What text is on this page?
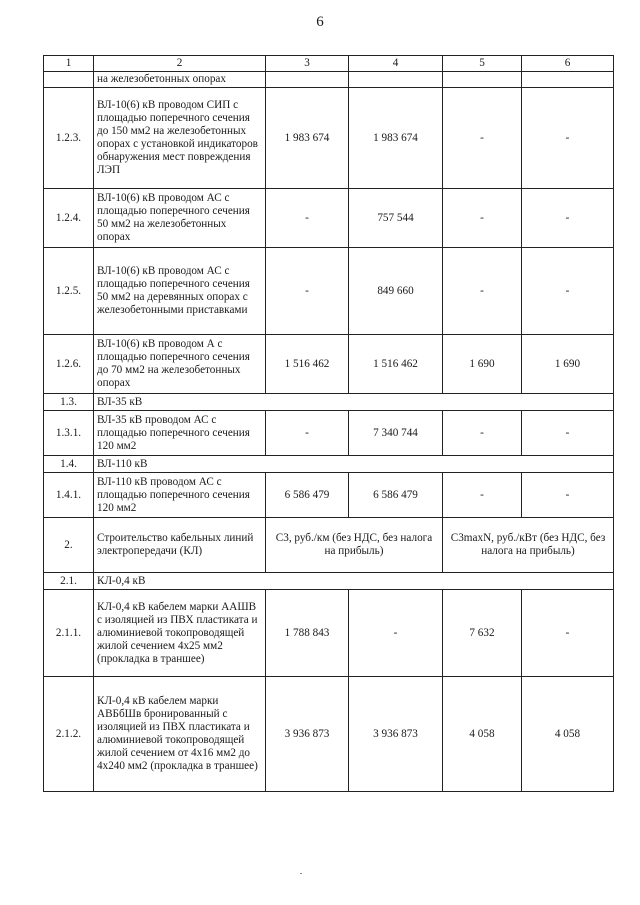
6
1	2	3	4	5	6
	на железобетонных опорах				
1.2.3.	ВЛ-10(6) кВ проводом СИП с площадью поперечного сечения до 150 мм2 на железобетонных опорах с установкой индикаторов обнаружения мест повреждения ЛЭП	1 983 674	1 983 674	-	-
1.2.4.	ВЛ-10(6) кВ проводом АС с площадью поперечного сечения 50 мм2 на железобетонных опорах	-	757 544	-	-
1.2.5.	ВЛ-10(6) кВ проводом АС с площадью поперечного сечения 50 мм2 на деревянных опорах с железобетонными приставками	-	849 660	-	-
1.2.6.	ВЛ-10(6) кВ проводом А с площадью поперечного сечения до 70 мм2 на железобетонных опорах	1 516 462	1 516 462	1 690	1 690
1.3.	ВЛ-35 кВ				
1.3.1.	ВЛ-35 кВ проводом АС с площадью поперечного сечения 120 мм2	-	7 340 744	-	-
1.4.	ВЛ-110 кВ				
1.4.1.	ВЛ-110 кВ проводом АС с площадью поперечного сечения 120 мм2	6 586 479	6 586 479	-	-
2.	Строительство кабельных линий электропередачи (КЛ)	С3, руб./км (без НДС, без налога на прибыль)		С3maxN, руб./кВт (без НДС, без налога на прибыль)	
2.1.	КЛ-0,4 кВ				
2.1.1.	КЛ-0,4 кВ кабелем марки ААШВ с изоляцией из ПВХ пластиката и алюминиевой токопроводящей жилой сечением 4х25 мм2 (прокладка в траншее)	1 788 843	-	7 632	-
2.1.2.	КЛ-0,4 кВ кабелем марки АВБбШв бронированный с изоляцией из ПВХ пластиката и алюминиевой токопроводящей жилой сечением от 4х16 мм2 до 4х240 мм2 (прокладка в траншее)	3 936 873	3 936 873	4 058	4 058
